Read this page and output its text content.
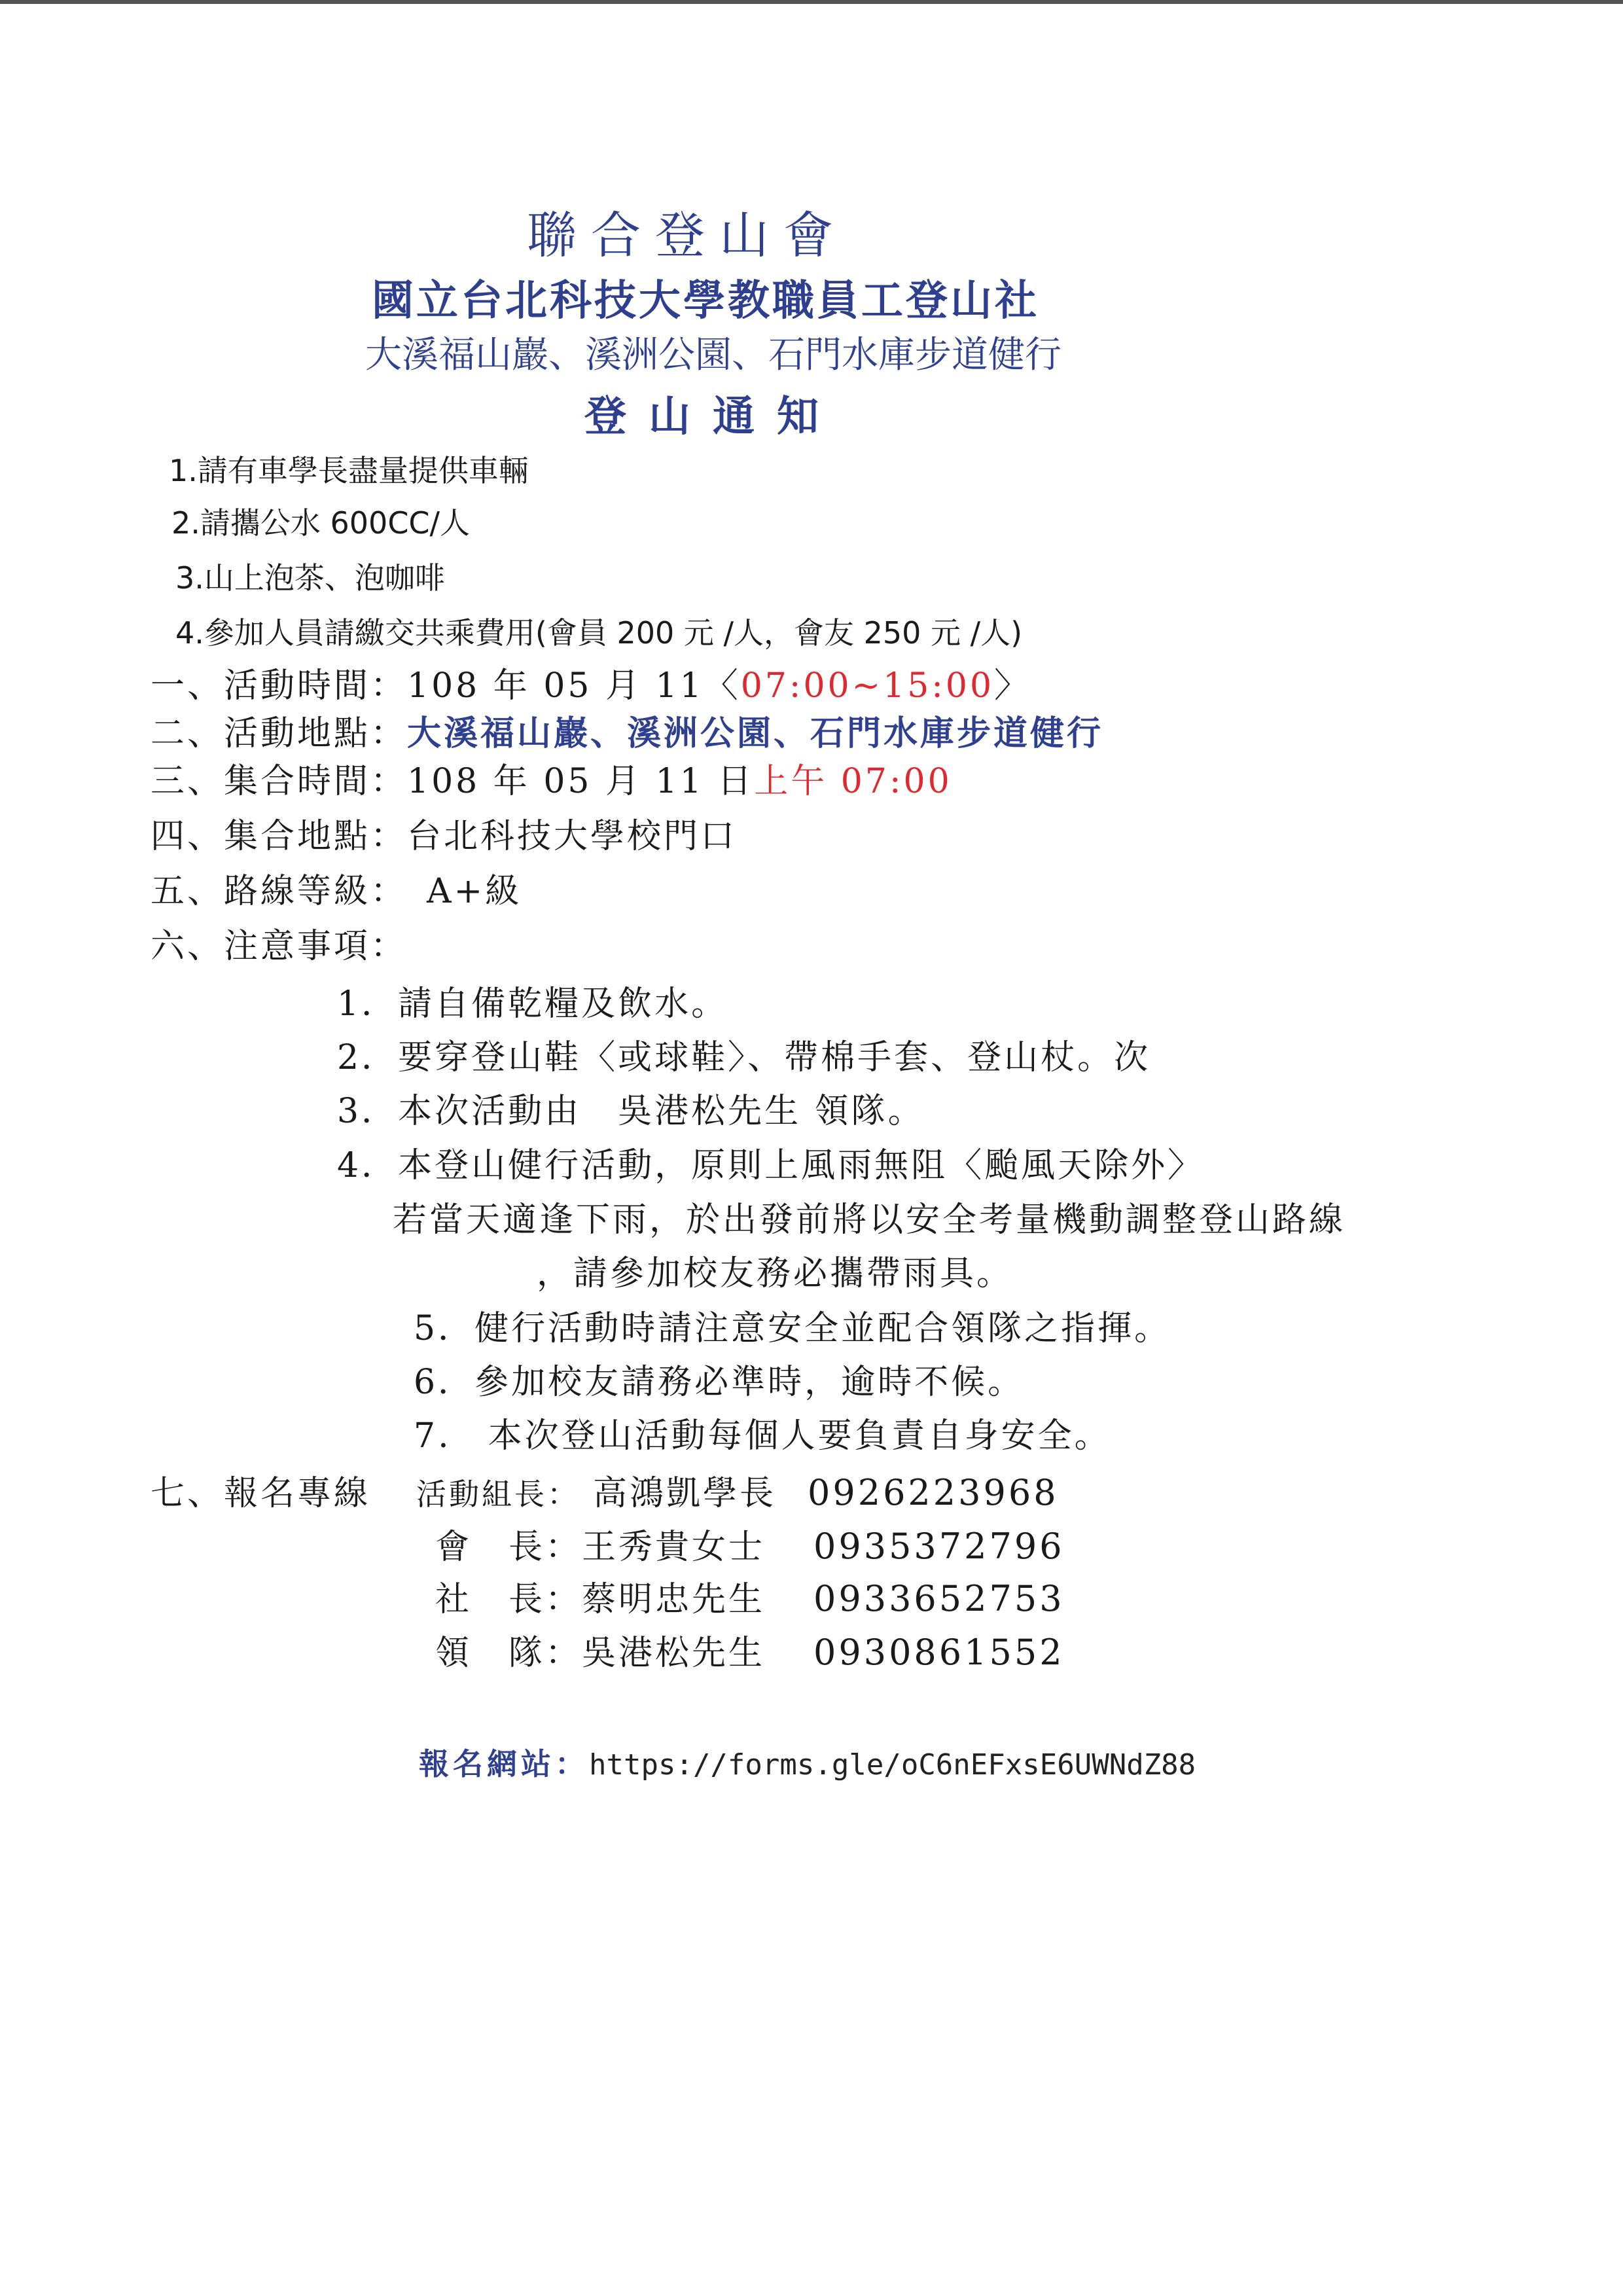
聯合登山會
國立台北科技大學教職員工登山社
大溪福山巖、溪洲公園、石門水庫步道健行
登山通知
1.請有車學長盡量提供車輛
2.請攜公水 600CC/人
3.山上泡茶、泡咖啡
4.參加人員請繳交共乘費用(會員 200 元 /人，會友 250 元 /人)
一、活動時間：108 年 05 月 11〈07:00~15:00〉
二、活動地點：大溪福山巖、溪洲公園、石門水庫步道健行
三、集合時間：108 年 05 月 11 日上午 07:00
四、集合地點：台北科技大學校門口
五、路線等級： A+級
六、注意事項：
1．請自備乾糧及飲水。
2．要穿登山鞋〈或球鞋〉、帶棉手套、登山杖。次
3．本次活動由　吳港松先生 領隊。
4．本登山健行活動，原則上風雨無阻〈颱風天除外〉
若當天適逢下雨，於出發前將以安全考量機動調整登山路線
，請參加校友務必攜帶雨具。
5．健行活動時請注意安全並配合領隊之指揮。
6．參加校友請務必準時，逾時不候。
7.　本次登山活動每個人要負責自身安全。
七、報名專線 活動組長： 高鴻凱學長 0926223968
會　長：王秀貴女士 0935372796
社　長：蔡明忠先生 0933652753
領　隊：吳港松先生 0930861552
報名網站：https://forms.gle/oC6nEFxsE6UWNdZ88
